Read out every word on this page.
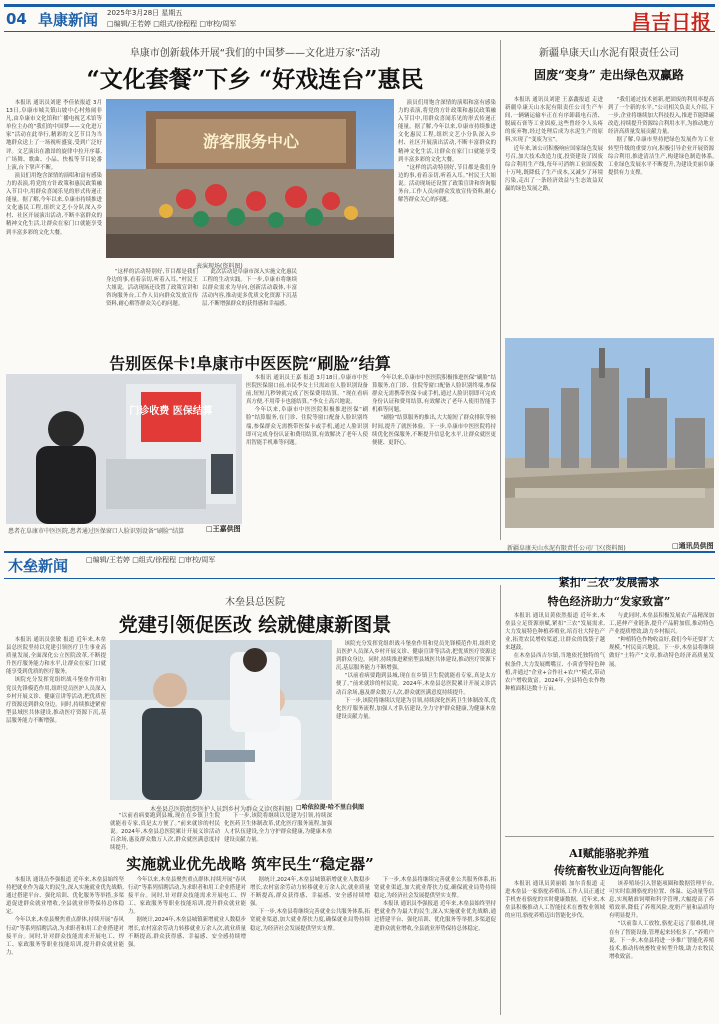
04 阜康新闻 2025年3月28日 星期五
□编辑/王若婷 □组式/徐程程 □审校/周军	昌吉日报
阜康市创新载体开展“我们的中国梦——文化进万家”活动
“文化套餐”下乡 “好戏连台”惠民
游客服务中心
表演现场(资料图)

本报讯 通讯员刘建 李佳依报道 3月13日,阜康市城关镇山坡中心村热闹非凡,由阜康市文化馆和广播电视艺术馆等单位主办的“我们的中国梦——文化进万家”活动在此举行,精彩的文艺节目为当地群众送上了一场视听盛宴,受到广泛好评。文艺演出在激昂的旋律中拉开序幕,广场舞、歌曲、小品、快板等节目轮番上演,台下掌声不断。

演员们用饱含深情的演唱和富有感染力的表演,将党的方针政策和惠民政策融入节目中,用群众喜闻乐见的形式传递正能量。据了解,今年以来,阜康市持续推进文化惠民工程,组织文艺小分队深入乡村、社区开展演出活动,不断丰富群众的精神文化生活,让群众在家门口就能享受到丰富多彩的文化大餐。

“这样的活动特别好,节目都是我们身边的事,看着亲切,听着入耳。”村民王大姐说。活动现场还设置了政策宣讲和咨询服务台,工作人员向群众发放宣传资料,耐心解答群众关心的问题。

此次活动是阜康市深入实施文化惠民工程的生动实践。下一步,阜康市将继续以群众需求为导向,创新活动载体,丰富活动内容,推动更多优质文化资源下沉基层,不断增强群众的获得感和幸福感。

演员们用饱含深情的演唱和富有感染力的表演,将党的方针政策和惠民政策融入节目中,用群众喜闻乐见的形式传递正能量。据了解,今年以来,阜康市持续推进文化惠民工程,组织文艺小分队深入乡村、社区开展演出活动,不断丰富群众的精神文化生活,让群众在家门口就能享受到丰富多彩的文化大餐。

“这样的活动特别好,节目都是我们身边的事,看着亲切,听着入耳。”村民王大姐说。活动现场还设置了政策宣讲和咨询服务台,工作人员向群众发放宣传资料,耐心解答群众关心的问题。

新疆阜康天山水泥有限责任公司
固废“变身” 走出绿色双赢路

本报讯 通讯员刘建 王嘉鑫报道 走进新疆阜康天山水泥有限责任公司生产车间,一辆辆运输车正在有序卸载电石渣、脱硫石膏等工业固废,这些曾经令人头疼的废弃物,经过处理后成为水泥生产的原料,实现了“变废为宝”。

近年来,该公司积极响应国家绿色发展号召,加大技术改造力度,投资建设了固废综合利用生产线,每年可消纳工业固废数十万吨,既降低了生产成本,又减少了环境污染,走出了一条经济效益与生态效益双赢的绿色发展之路。

“我们通过技术创新,把固废的利用率提高到了一个新的水平。”公司相关负责人介绍,下一步,企业将继续加大科技投入,推进节能降碳改造,持续提升资源综合利用水平,为推动地方经济高质量发展贡献力量。

据了解,阜康市坚持把绿色发展作为工业转型升级的重要方向,积极引导企业开展资源综合利用,推进清洁生产,构建绿色制造体系,工业绿色发展水平不断提升,为建设美丽阜康提供有力支撑。

新疆阜康天山水泥有限责任公司厂区(资料图)	□通讯员供图
告别医保卡!阜康市中医医院“刷脸”结算
门诊收费 医保结算
患者在阜康市中医医院,患者通过医保窗口人脸识别设备“刷脸”结算	□王嘉供图

本报讯 通讯员王嘉 报道 3月18日,阜康市中医医院医保窗口前,市民李女士只需站在人脸识别设备前,短短几秒钟就完成了医保费用结算。“现在看病真方便,不用带卡也能结算。”李女士高兴地说。

今年以来,阜康市中医医院积极推进医保“刷脸”结算服务,在门诊、住院等窗口配备人脸识别终端,参保群众无需携带医保卡或手机,通过人脸识别即可完成身份认证和费用结算,有效解决了老年人使用智能手机难等问题。

今年以来,阜康市中医医院积极推进医保“刷脸”结算服务,在门诊、住院等窗口配备人脸识别终端,参保群众无需携带医保卡或手机,通过人脸识别即可完成身份认证和费用结算,有效解决了老年人使用智能手机难等问题。

“刷脸”结算服务的推出,大大缩短了群众排队等候时间,提升了就医体验。下一步,阜康市中医医院将持续优化医保服务,不断提升信息化水平,让群众就医更便捷、更舒心。

木垒新闻	□编辑/王若婷 □组式/徐程程 □审校/周军
木垒县总医院
党建引领促医改 绘就健康新图景

本报讯 通讯员张敏 报道 近年来,木垒县总医院坚持以党建引领医疗卫生事业高质量发展,全面深化公立医院改革,不断提升医疗服务能力和水平,让群众在家门口就能享受到优质的医疗服务。

该院充分发挥党组织战斗堡垒作用和党员先锋模范作用,组织党员医护人员深入乡村开展义诊、健康宣讲等活动,把优质医疗资源送到群众身边。同时,持续推进紧密型县域医共体建设,推动医疗资源下沉,基层服务能力不断增强。

木垒县总医院组织医护人员到乡村为群众义诊(资料图) □哈依拉提·哈不里白供图

“以前看病要跑到县城,现在在乡镇卫生院就能看专家,真是太方便了。”前来就诊的村民说。2024年,木垒县总医院累计开展义诊活动百余场,惠及群众数万人次,群众就医满意度持续提升。

下一步,该院将继续以党建为引领,持续深化医药卫生体制改革,优化医疗服务流程,加强人才队伍建设,全力守护群众健康,为健康木垒建设贡献力量。

该院充分发挥党组织战斗堡垒作用和党员先锋模范作用,组织党员医护人员深入乡村开展义诊、健康宣讲等活动,把优质医疗资源送到群众身边。同时,持续推进紧密型县域医共体建设,推动医疗资源下沉,基层服务能力不断增强。

“以前看病要跑到县城,现在在乡镇卫生院就能看专家,真是太方便了。”前来就诊的村民说。2024年,木垒县总医院累计开展义诊活动百余场,惠及群众数万人次,群众就医满意度持续提升。

下一步,该院将继续以党建为引领,持续深化医药卫生体制改革,优化医疗服务流程,加强人才队伍建设,全力守护群众健康,为健康木垒建设贡献力量。

紧扣“三农”发展需求
特色经济助力“发家致富”

本报讯 通讯员黄依然报道 近年来,木垒县立足资源禀赋,紧扣“三农”发展需求,大力发展特色种植养殖业,培育壮大特色产业,拓宽农民增收渠道,让群众的钱袋子越来越鼓。

在木垒县西吉尔镇,当地依托独特的气候条件,大力发展鹰嘴豆、小茴香等特色种植,并通过“企业+合作社+农户”模式,带动农户增收致富。2024年,全县特色农作物种植面积达数十万亩。

与此同时,木垒县积极发展农产品精深加工,延伸产业链条,提升产品附加值,推动特色产业提质增效,助力乡村振兴。

“种植特色作物收益好,我们今年还要扩大规模。”村民高兴地说。下一步,木垒县将继续做好“土特产”文章,推动特色经济高质量发展。

AI赋能骆驼养殖
传统畜牧业迈向智能化

本报讯 通讯员黄丽娟 加尔肯报道 走进木垒县一家骆驼养殖场,工作人员正通过手机查看骆驼的实时健康数据。近年来,木垒县积极推动人工智能技术在畜牧业领域的应用,骆驼养殖迈出智能化步伐。

该养殖场引入智能项圈和数据管理平台,可实时监测骆驼的位置、体温、运动量等信息,实现精准饲喂和科学管理,大幅提高了养殖效率,降低了养殖风险,驼奶产量和品质均有明显提升。

“以前靠人工放牧,骆驼走远了很难找,现在有了智能设备,管理起来轻松多了。”养殖户说。下一步,木垒县将进一步推广智能化养殖技术,推动传统畜牧业转型升级,助力农牧民增收致富。

实施就业优先战略 筑牢民生“稳定器”

本报讯 通讯员李强报道 近年来,木垒县始终坚持把就业作为最大的民生,深入实施就业优先战略,通过搭建平台、强化培训、优化服务等举措,多渠道促进群众就业增收,全县就业形势保持总体稳定。

今年以来,木垒县聚焦重点群体,持续开展“春风行动”等系列招聘活动,为求职者和用工企业搭建对接平台。同时,针对群众技能需求开展电工、焊工、家政服务等职业技能培训,提升群众就业能力。

今年以来,木垒县聚焦重点群体,持续开展“春风行动”等系列招聘活动,为求职者和用工企业搭建对接平台。同时,针对群众技能需求开展电工、焊工、家政服务等职业技能培训,提升群众就业能力。

据统计,2024年,木垒县城镇新增就业人数稳步增长,农村富余劳动力转移就业万余人次,就业质量不断提高,群众获得感、幸福感、安全感持续增强。

据统计,2024年,木垒县城镇新增就业人数稳步增长,农村富余劳动力转移就业万余人次,就业质量不断提高,群众获得感、幸福感、安全感持续增强。

下一步,木垒县将继续完善就业公共服务体系,拓宽就业渠道,加大就业帮扶力度,确保就业局势持续稳定,为经济社会发展提供坚实支撑。

下一步,木垒县将继续完善就业公共服务体系,拓宽就业渠道,加大就业帮扶力度,确保就业局势持续稳定,为经济社会发展提供坚实支撑。

本报讯 通讯员李强报道 近年来,木垒县始终坚持把就业作为最大的民生,深入实施就业优先战略,通过搭建平台、强化培训、优化服务等举措,多渠道促进群众就业增收,全县就业形势保持总体稳定。
